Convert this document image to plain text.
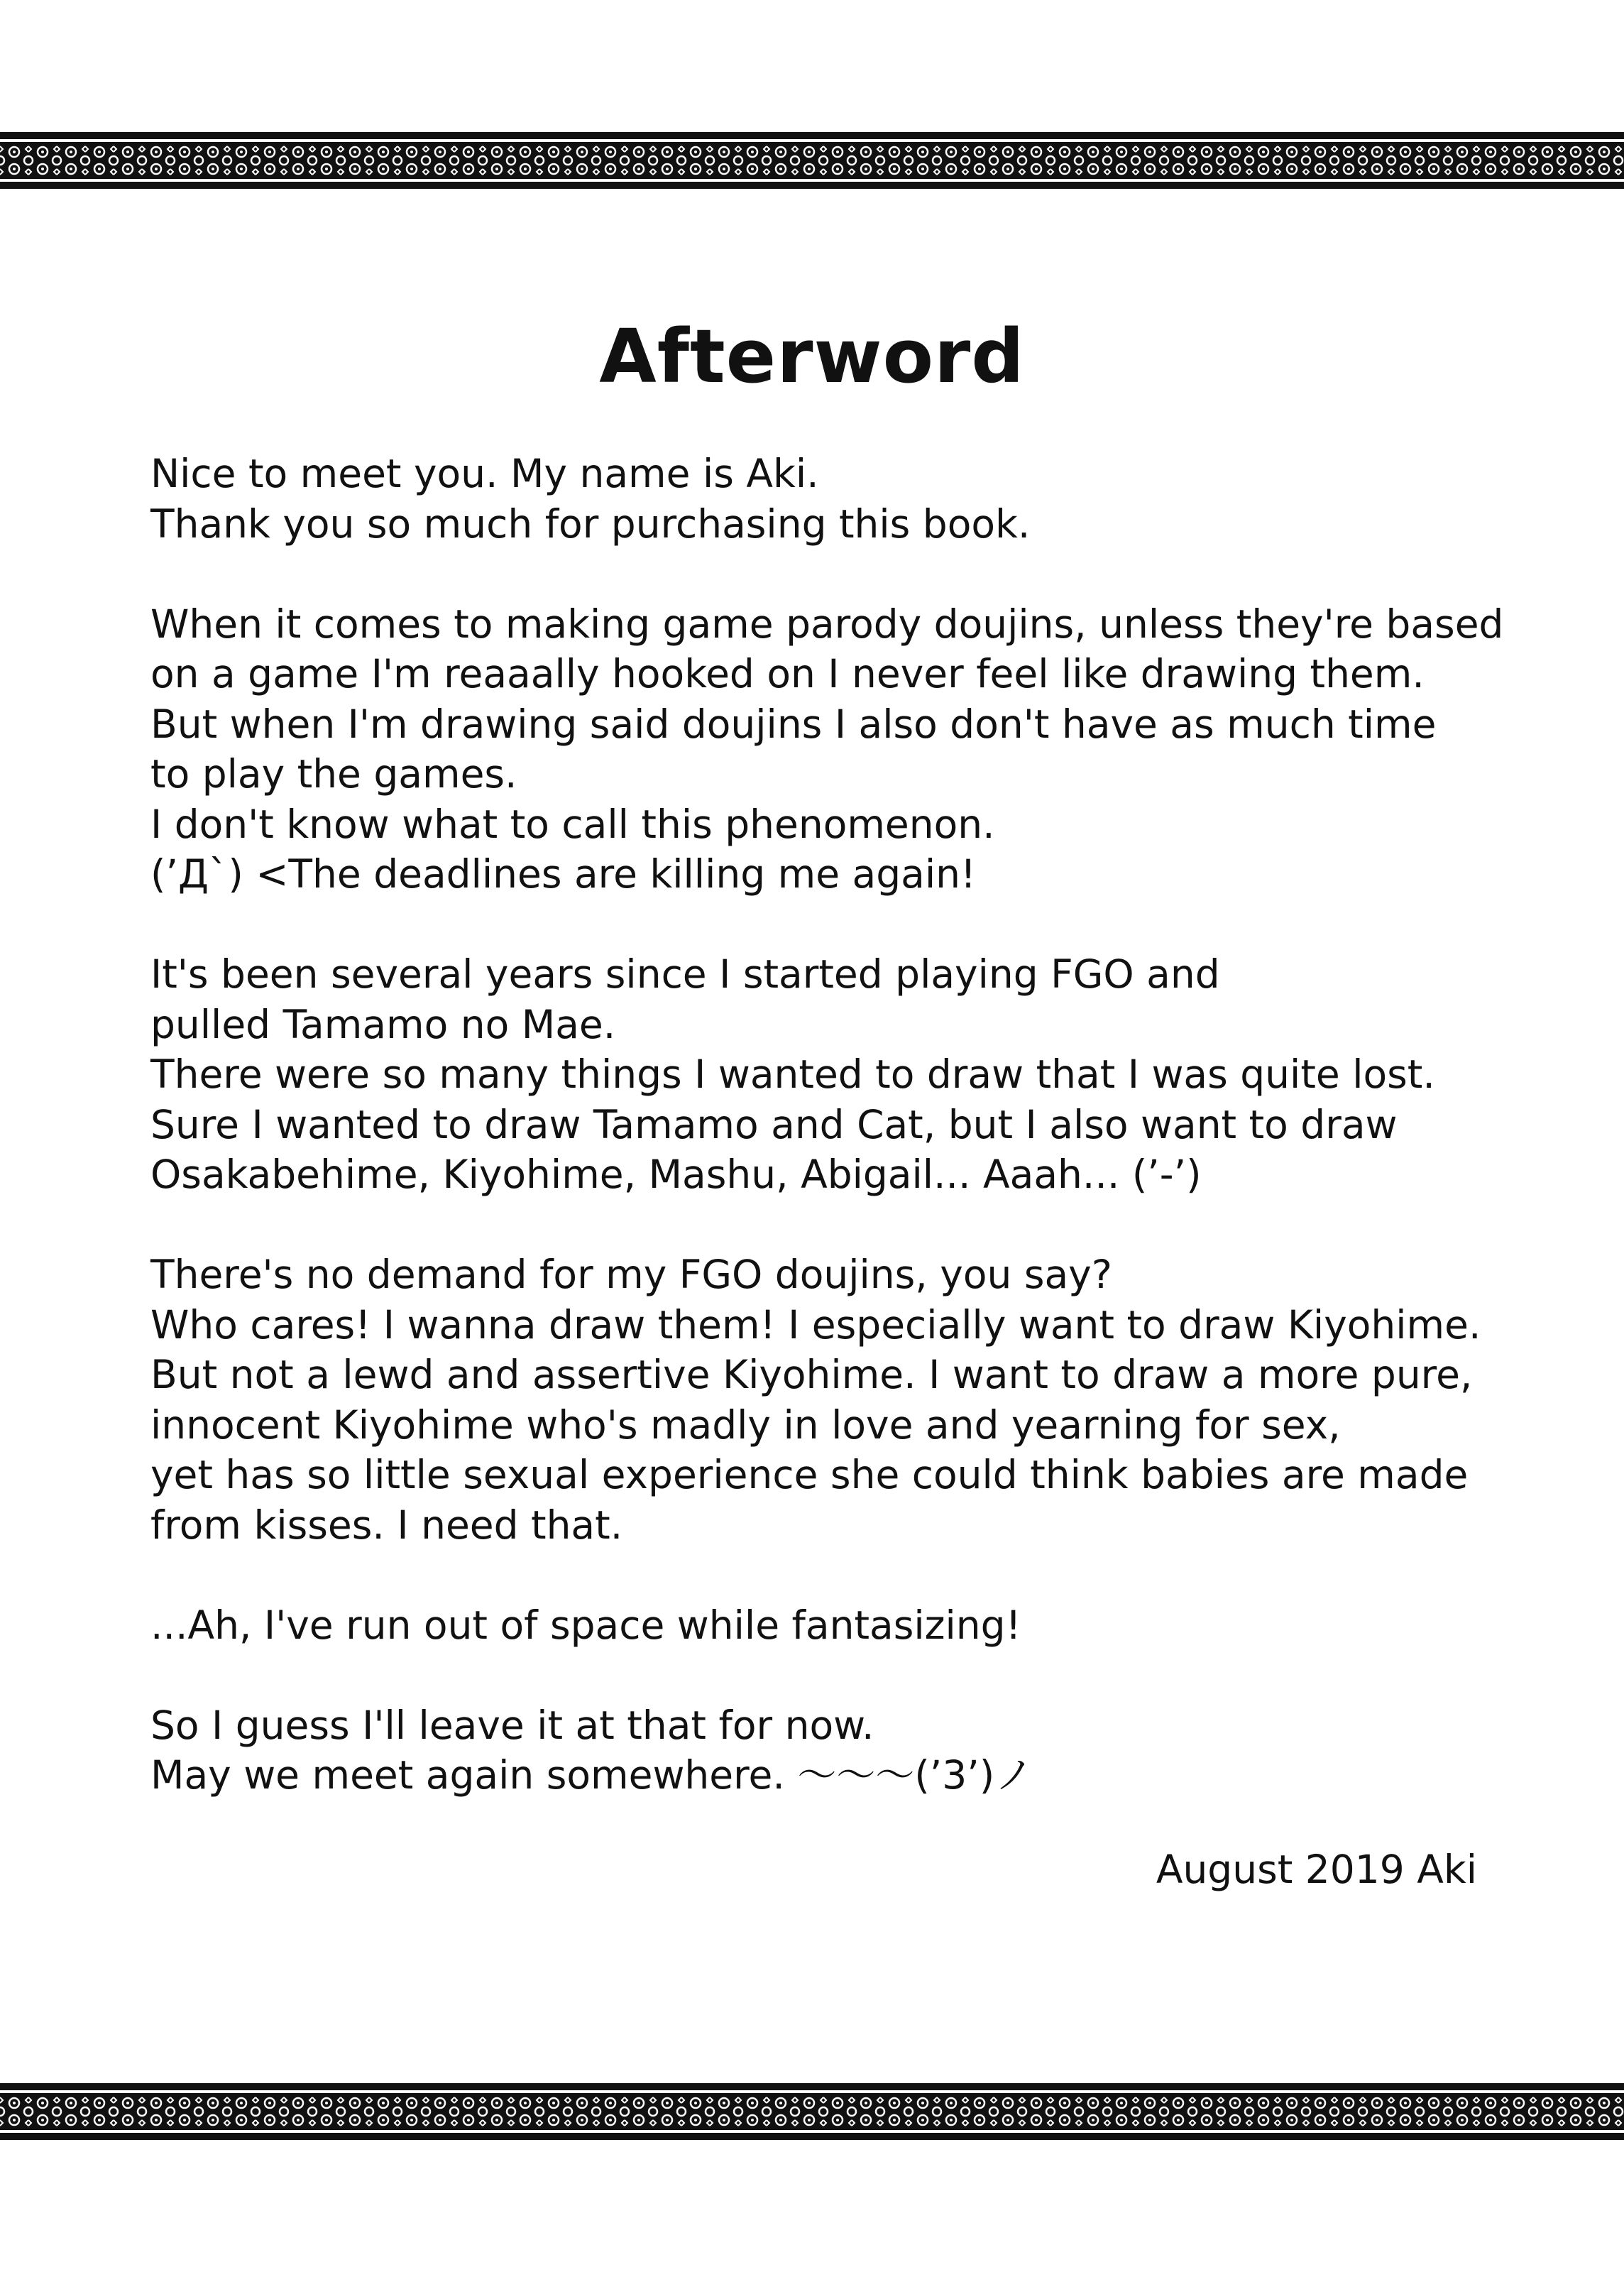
Afterword
Nice to meet you. My name is Aki.
Thank you so much for purchasing this book.
When it comes to making game parody doujins, unless they're based
on a game I'm reaaally hooked on I never feel like drawing them.
But when I'm drawing said doujins I also don't have as much time
to play the games.
I don't know what to call this phenomenon.
(’Д`) <The deadlines are killing me again!
It's been several years since I started playing FGO and
pulled Tamamo no Mae.
There were so many things I wanted to draw that I was quite lost.
Sure I wanted to draw Tamamo and Cat, but I also want to draw
Osakabehime, Kiyohime, Mashu, Abigail... Aaah... (’-’)
There's no demand for my FGO doujins, you say?
Who cares! I wanna draw them! I especially want to draw Kiyohime.
But not a lewd and assertive Kiyohime. I want to draw a more pure,
innocent Kiyohime who's madly in love and yearning for sex,
yet has so little sexual experience she could think babies are made
from kisses. I need that.
...Ah, I've run out of space while fantasizing!
So I guess I'll leave it at that for now.
May we meet again somewhere. ～～～(’3’)ノ
August 2019 Aki
